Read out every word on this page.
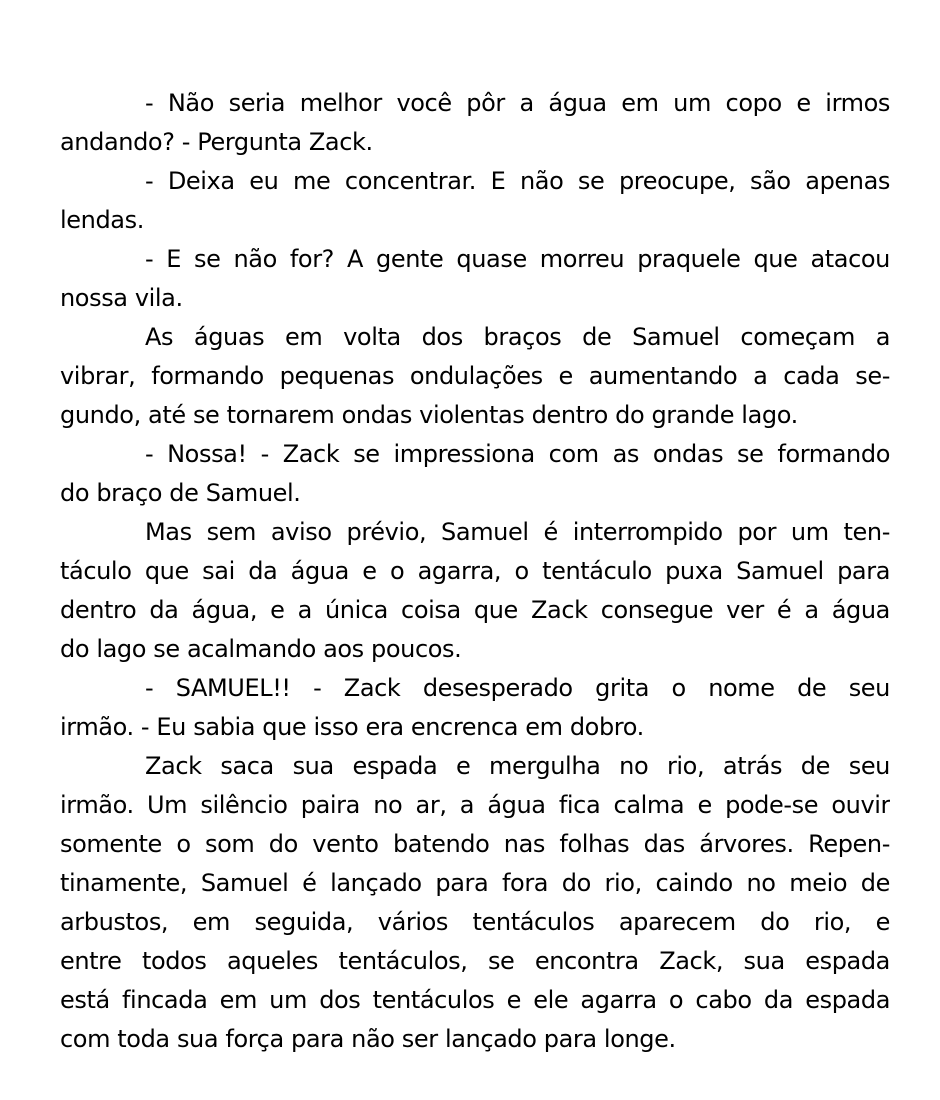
- Não seria melhor você pôr a água em um copo e irmos
andando? - Pergunta Zack.
- Deixa eu me concentrar. E não se preocupe, são apenas
lendas.
- E se não for? A gente quase morreu praquele que atacou
nossa vila.
As águas em volta dos braços de Samuel começam a
vibrar, formando pequenas ondulações e aumentando a cada se-
gundo, até se tornarem ondas violentas dentro do grande lago.
- Nossa! - Zack se impressiona com as ondas se formando
do braço de Samuel.
Mas sem aviso prévio, Samuel é interrompido por um ten-
táculo que sai da água e o agarra, o tentáculo puxa Samuel para
dentro da água, e a única coisa que Zack consegue ver é a água
do lago se acalmando aos poucos.
- SAMUEL!! - Zack desesperado grita o nome de seu
irmão. - Eu sabia que isso era encrenca em dobro.
Zack saca sua espada e mergulha no rio, atrás de seu
irmão. Um silêncio paira no ar, a água fica calma e pode-se ouvir
somente o som do vento batendo nas folhas das árvores. Repen-
tinamente, Samuel é lançado para fora do rio, caindo no meio de
arbustos, em seguida, vários tentáculos aparecem do rio, e
entre todos aqueles tentáculos, se encontra Zack, sua espada
está fincada em um dos tentáculos e ele agarra o cabo da espada
com toda sua força para não ser lançado para longe.
